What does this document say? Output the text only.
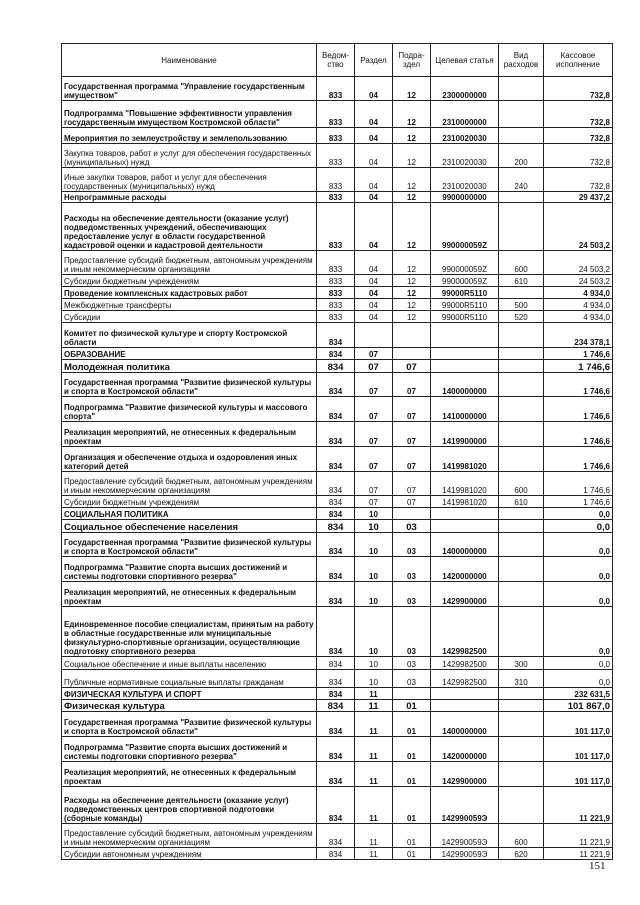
Наименование	Ведом-ство	Раздел	Подра-здел	Целевая статья	Вид расходов	Кассовое исполнение
Государственная программа "Управление государственным имуществом"	833	04	12	2300000000		732,8
Подпрограмма "Повышение эффективности управления государственным имуществом Костромской области"	833	04	12	2310000000		732,8
Мероприятия по землеустройству и землепользованию	833	04	12	2310020030		732,8
Закупка товаров, работ и услуг для обеспечения государственных (муниципальных) нужд	833	04	12	2310020030	200	732,8
Иные закупки товаров, работ и услуг для обеспечения государственных (муниципальных) нужд	833	04	12	2310020030	240	732,8
Непрограммные расходы	833	04	12	9900000000		29 437,2
Расходы на обеспечение деятельности (оказание услуг) подведомственных учреждений, обеспечивающих предоставление услуг в области государственной кадастровой оценки и кадастровой деятельности	833	04	12	990000059Z		24 503,2
Предоставление субсидий бюджетным, автономным учреждениям и иным некоммерческим организациям	833	04	12	990000059Z	600	24 503,2
Субсидии бюджетным учреждениям	833	04	12	990000059Z	610	24 503,2
Проведение комплексных кадастровых работ	833	04	12	99000R5110		4 934,0
Межбюджетные трансферты	833	04	12	99000R5110	500	4 934,0
Субсидии	833	04	12	99000R5110	520	4 934,0
Комитет по физической культуре и спорту Костромской области	834					234 378,1
ОБРАЗОВАНИЕ	834	07				1 746,6
Молодежная политика	834	07	07			1 746,6
Государственная программа "Развитие физической культуры и спорта в Костромской области"	834	07	07	1400000000		1 746,6
Подпрограмма "Развитие физической культуры и массового спорта"	834	07	07	1410000000		1 746,6
Реализация мероприятий, не отнесенных к федеральным проектам	834	07	07	1419900000		1 746,6
Организация и обеспечение отдыха и оздоровления иных категорий детей	834	07	07	1419981020		1 746,6
Предоставление субсидий бюджетным, автономным учреждениям и иным некоммерческим организациям	834	07	07	1419981020	600	1 746,6
Субсидии бюджетным учреждениям	834	07	07	1419981020	610	1 746,6
СОЦИАЛЬНАЯ ПОЛИТИКА	834	10				0,0
Социальное обеспечение населения	834	10	03			0,0
Государственная программа "Развитие физической культуры и спорта в Костромской области"	834	10	03	1400000000		0,0
Подпрограмма "Развитие спорта высших достижений и системы подготовки спортивного резерва"	834	10	03	1420000000		0,0
Реализация мероприятий, не отнесенных к федеральным проектам	834	10	03	1429900000		0,0
Единовременное пособие специалистам, принятым на работу в областные государственные или муниципальные физкультурно-спортивные организации, осуществляющие подготовку спортивного резерва	834	10	03	1429982500		0,0
Социальное обеспечение и иные выплаты населению	834	10	03	1429982500	300	0,0
Публичные нормативные социальные выплаты гражданам	834	10	03	1429982500	310	0,0
ФИЗИЧЕСКАЯ КУЛЬТУРА И СПОРТ	834	11				232 631,5
Физическая культура	834	11	01			101 867,0
Государственная программа "Развитие физической культуры и спорта в Костромской области"	834	11	01	1400000000		101 117,0
Подпрограмма "Развитие спорта высших достижений и системы подготовки спортивного резерва"	834	11	01	1420000000		101 117,0
Реализация мероприятий, не отнесенных к федеральным проектам	834	11	01	1429900000		101 117,0
Расходы на обеспечение деятельности (оказание услуг) подведомственных центров спортивной подготовки (сборные команды)	834	11	01	142990059Э		11 221,9
Предоставление субсидий бюджетным, автономным учреждениям и иным некоммерческим организациям	834	11	01	142990059Э	600	11 221,9
Субсидии автономным учреждениям	834	11	01	142990059Э	620	11 221,9
151
